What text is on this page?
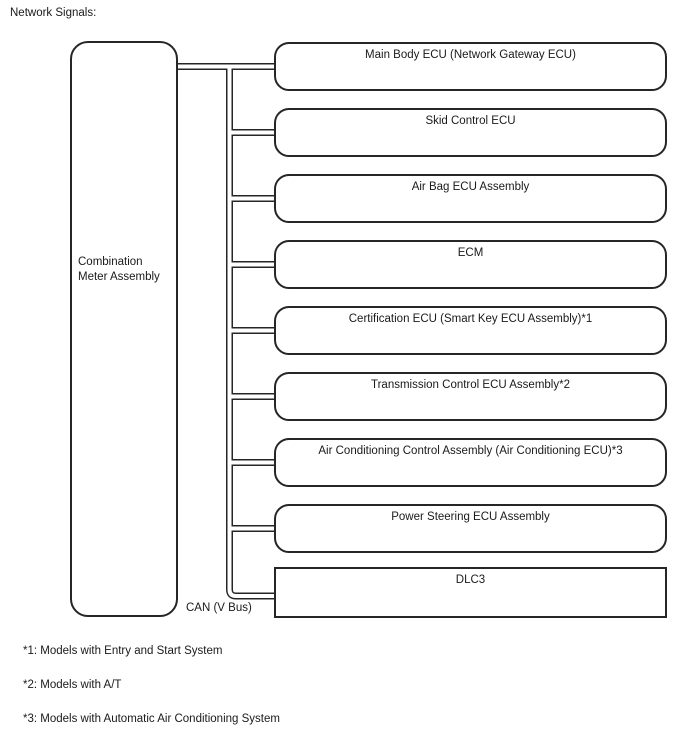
Network Signals:
Combination Meter Assembly
Main Body ECU (Network Gateway ECU)
Skid Control ECU
Air Bag ECU Assembly
ECM
Certification ECU (Smart Key ECU Assembly)*1
Transmission Control ECU Assembly*2
Air Conditioning Control Assembly (Air Conditioning ECU)*3
Power Steering ECU Assembly
DLC3
CAN (V Bus)
*1: Models with Entry and Start System
*2: Models with A/T
*3: Models with Automatic Air Conditioning System
